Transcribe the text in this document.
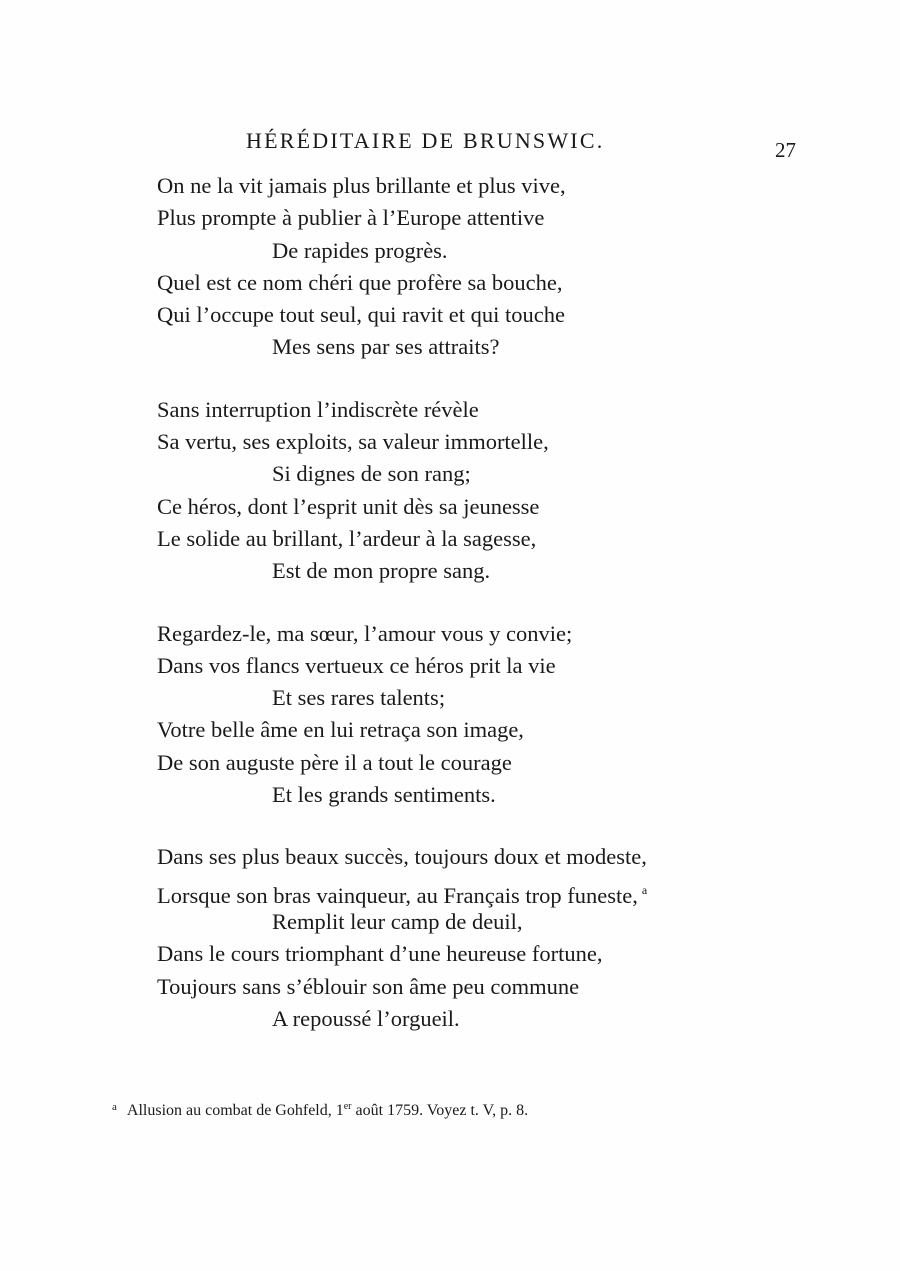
HÉRÉDITAIRE DE BRUNSWIC.	27
On ne la vit jamais plus brillante et plus vive,
Plus prompte à publier à l’Europe attentive
De rapides progrès.
Quel est ce nom chéri que profère sa bouche,
Qui l’occupe tout seul, qui ravit et qui touche
Mes sens par ses attraits?
Sans interruption l’indiscrète révèle
Sa vertu, ses exploits, sa valeur immortelle,
Si dignes de son rang;
Ce héros, dont l’esprit unit dès sa jeunesse
Le solide au brillant, l’ardeur à la sagesse,
Est de mon propre sang.
Regardez-le, ma sœur, l’amour vous y convie;
Dans vos flancs vertueux ce héros prit la vie
Et ses rares talents;
Votre belle âme en lui retraça son image,
De son auguste père il a tout le courage
Et les grands sentiments.
Dans ses plus beaux succès, toujours doux et modeste,
Lorsque son bras vainqueur, au Français trop funeste, $^a$
Remplit leur camp de deuil,
Dans le cours triomphant d’une heureuse fortune,
Toujours sans s’éblouir son âme peu commune
A repoussé l’orgueil.
$^a$ Allusion au combat de Gohfeld, 1er août 1759. Voyez t. V, p. 8.
